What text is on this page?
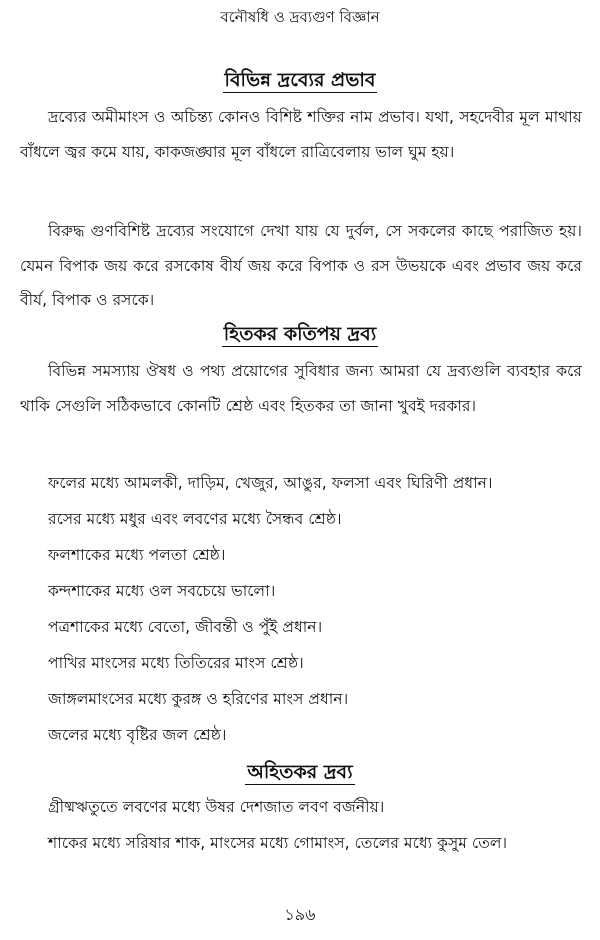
বনৌষধি ও দ্রব্যগুণ বিজ্ঞান
বিভিন্ন দ্রব্যের প্রভাব

দ্রব্যের অমীমাংস ও অচিন্ত্য কোনও বিশিষ্ট শক্তির নাম প্রভাব। যথা, সহদেবীর মূল মাথায় বাঁধলে জ্বর কমে যায়, কাকজঙ্ঘার মূল বাঁধলে রাত্রিবেলায় ভাল ঘুম হয়।

বিরুদ্ধ গুণবিশিষ্ট দ্রব্যের সংযোগে দেখা যায় যে দুর্বল, সে সকলের কাছে পরাজিত হয়। যেমন বিপাক জয় করে রসকোষ বীর্য জয় করে বিপাক ও রস উভয়কে এবং প্রভাব জয় করে বীর্য, বিপাক ও রসকে।

হিতকর কতিপয় দ্রব্য

বিভিন্ন সমস্যায় ঔষধ ও পথ্য প্রয়োগের সুবিধার জন্য আমরা যে দ্রব্যগুলি ব্যবহার করে থাকি সেগুলি সঠিকভাবে কোনটি শ্রেষ্ঠ এবং হিতকর তা জানা খুবই দরকার।

ফলের মধ্যে আমলকী, দাড়িম, খেজুর, আঙুর, ফলসা এবং ঘিরিণী প্রধান।

রসের মধ্যে মধুর এবং লবণের মধ্যে সৈন্ধব শ্রেষ্ঠ।

ফলশাকের মধ্যে পলতা শ্রেষ্ঠ।

কন্দশাকের মধ্যে ওল সবচেয়ে ভালো।

পত্রশাকের মধ্যে বেতো, জীবন্তী ও পুঁই প্রধান।

পাখির মাংসের মধ্যে তিতিরের মাংস শ্রেষ্ঠ।

জাঙ্গলমাংসের মধ্যে কুরঙ্গ ও হরিণের মাংস প্রধান।

জলের মধ্যে বৃষ্টির জল শ্রেষ্ঠ।

অহিতকর দ্রব্য

গ্রীষ্মঋতুতে লবণের মধ্যে উষর দেশজাত লবণ বর্জনীয়।

শাকের মধ্যে সরিষার শাক, মাংসের মধ্যে গোমাংস, তেলের মধ্যে কুসুম তেল।

১৯৬
